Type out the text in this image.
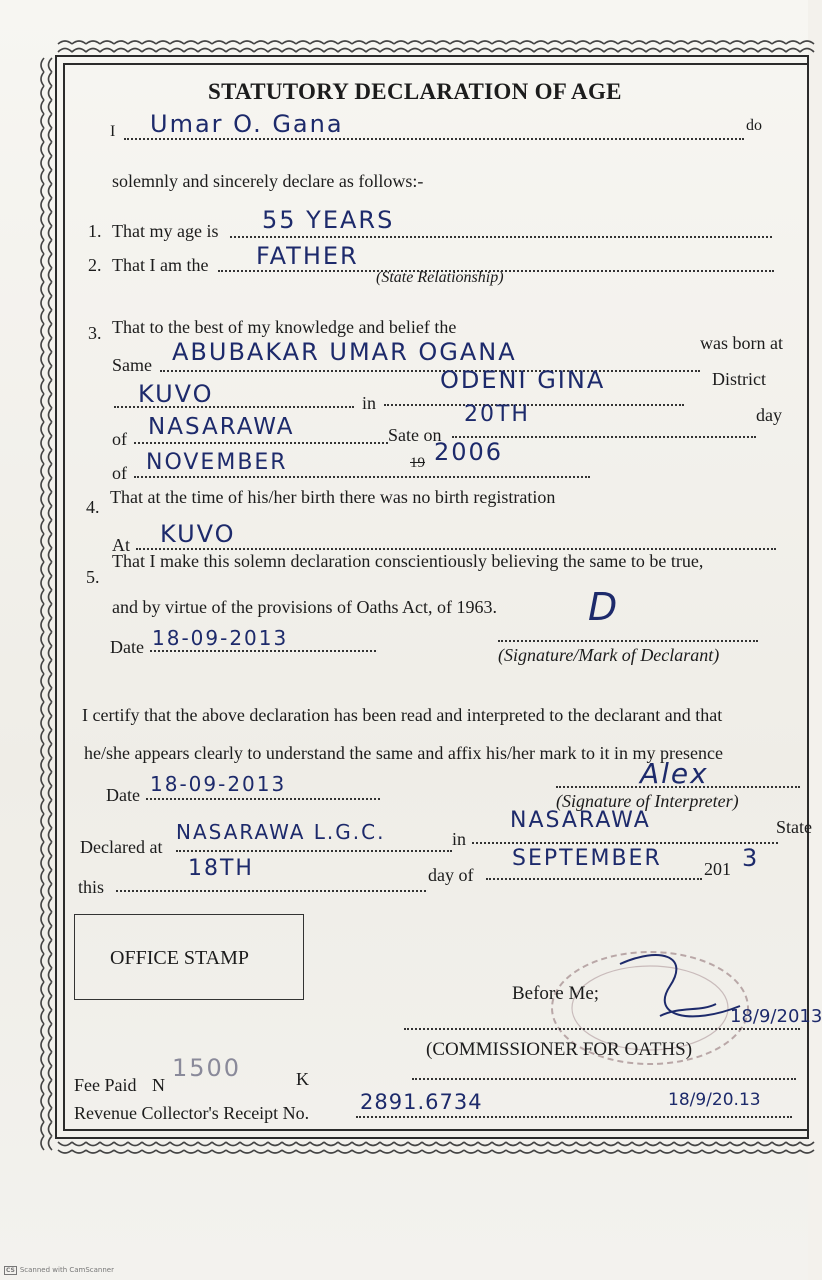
STATUTORY DECLARATION OF AGE
I Umar O. Gana	do
solemnly and sincerely declare as follows:-
1. That my age is 55 YEARS
2. That I am the FATHER
(State Relationship)
3. That to the best of my knowledge and belief the
Same ABUBAKAR UMAR OGANA	was born at
KUVO	in
ODENI GINA	District
of NASARAWA	Sate on
20TH	day
of NOVEMBER	19 2006
4. That at the time of his/her birth there was no birth registration
At KUVO
5.
That I make this solemn declaration conscientiously believing the same to be true,
and by virtue of the provisions of Oaths Act, of 1963.
Date 18-09-2013
D
(Signature/Mark of Declarant)
I certify that the above declaration has been read and interpreted to the declarant and that
he/she appears clearly to understand the same and affix his/her mark to it in my presence
Date 18-09-2013	Alex
(Signature of Interpreter)
Declared at
NASARAWA L.G.C.	in
NASARAWA	State
this
18TH	day of
SEPTEMBER 201 3
OFFICE STAMP
Before Me;
(COMMISSIONER FOR OATHS)
18/9/2013
Fee Paid N
1500	K
Revenue Collector's Receipt No. 2891.6734	18/9/20.13
CS Scanned with CamScanner
